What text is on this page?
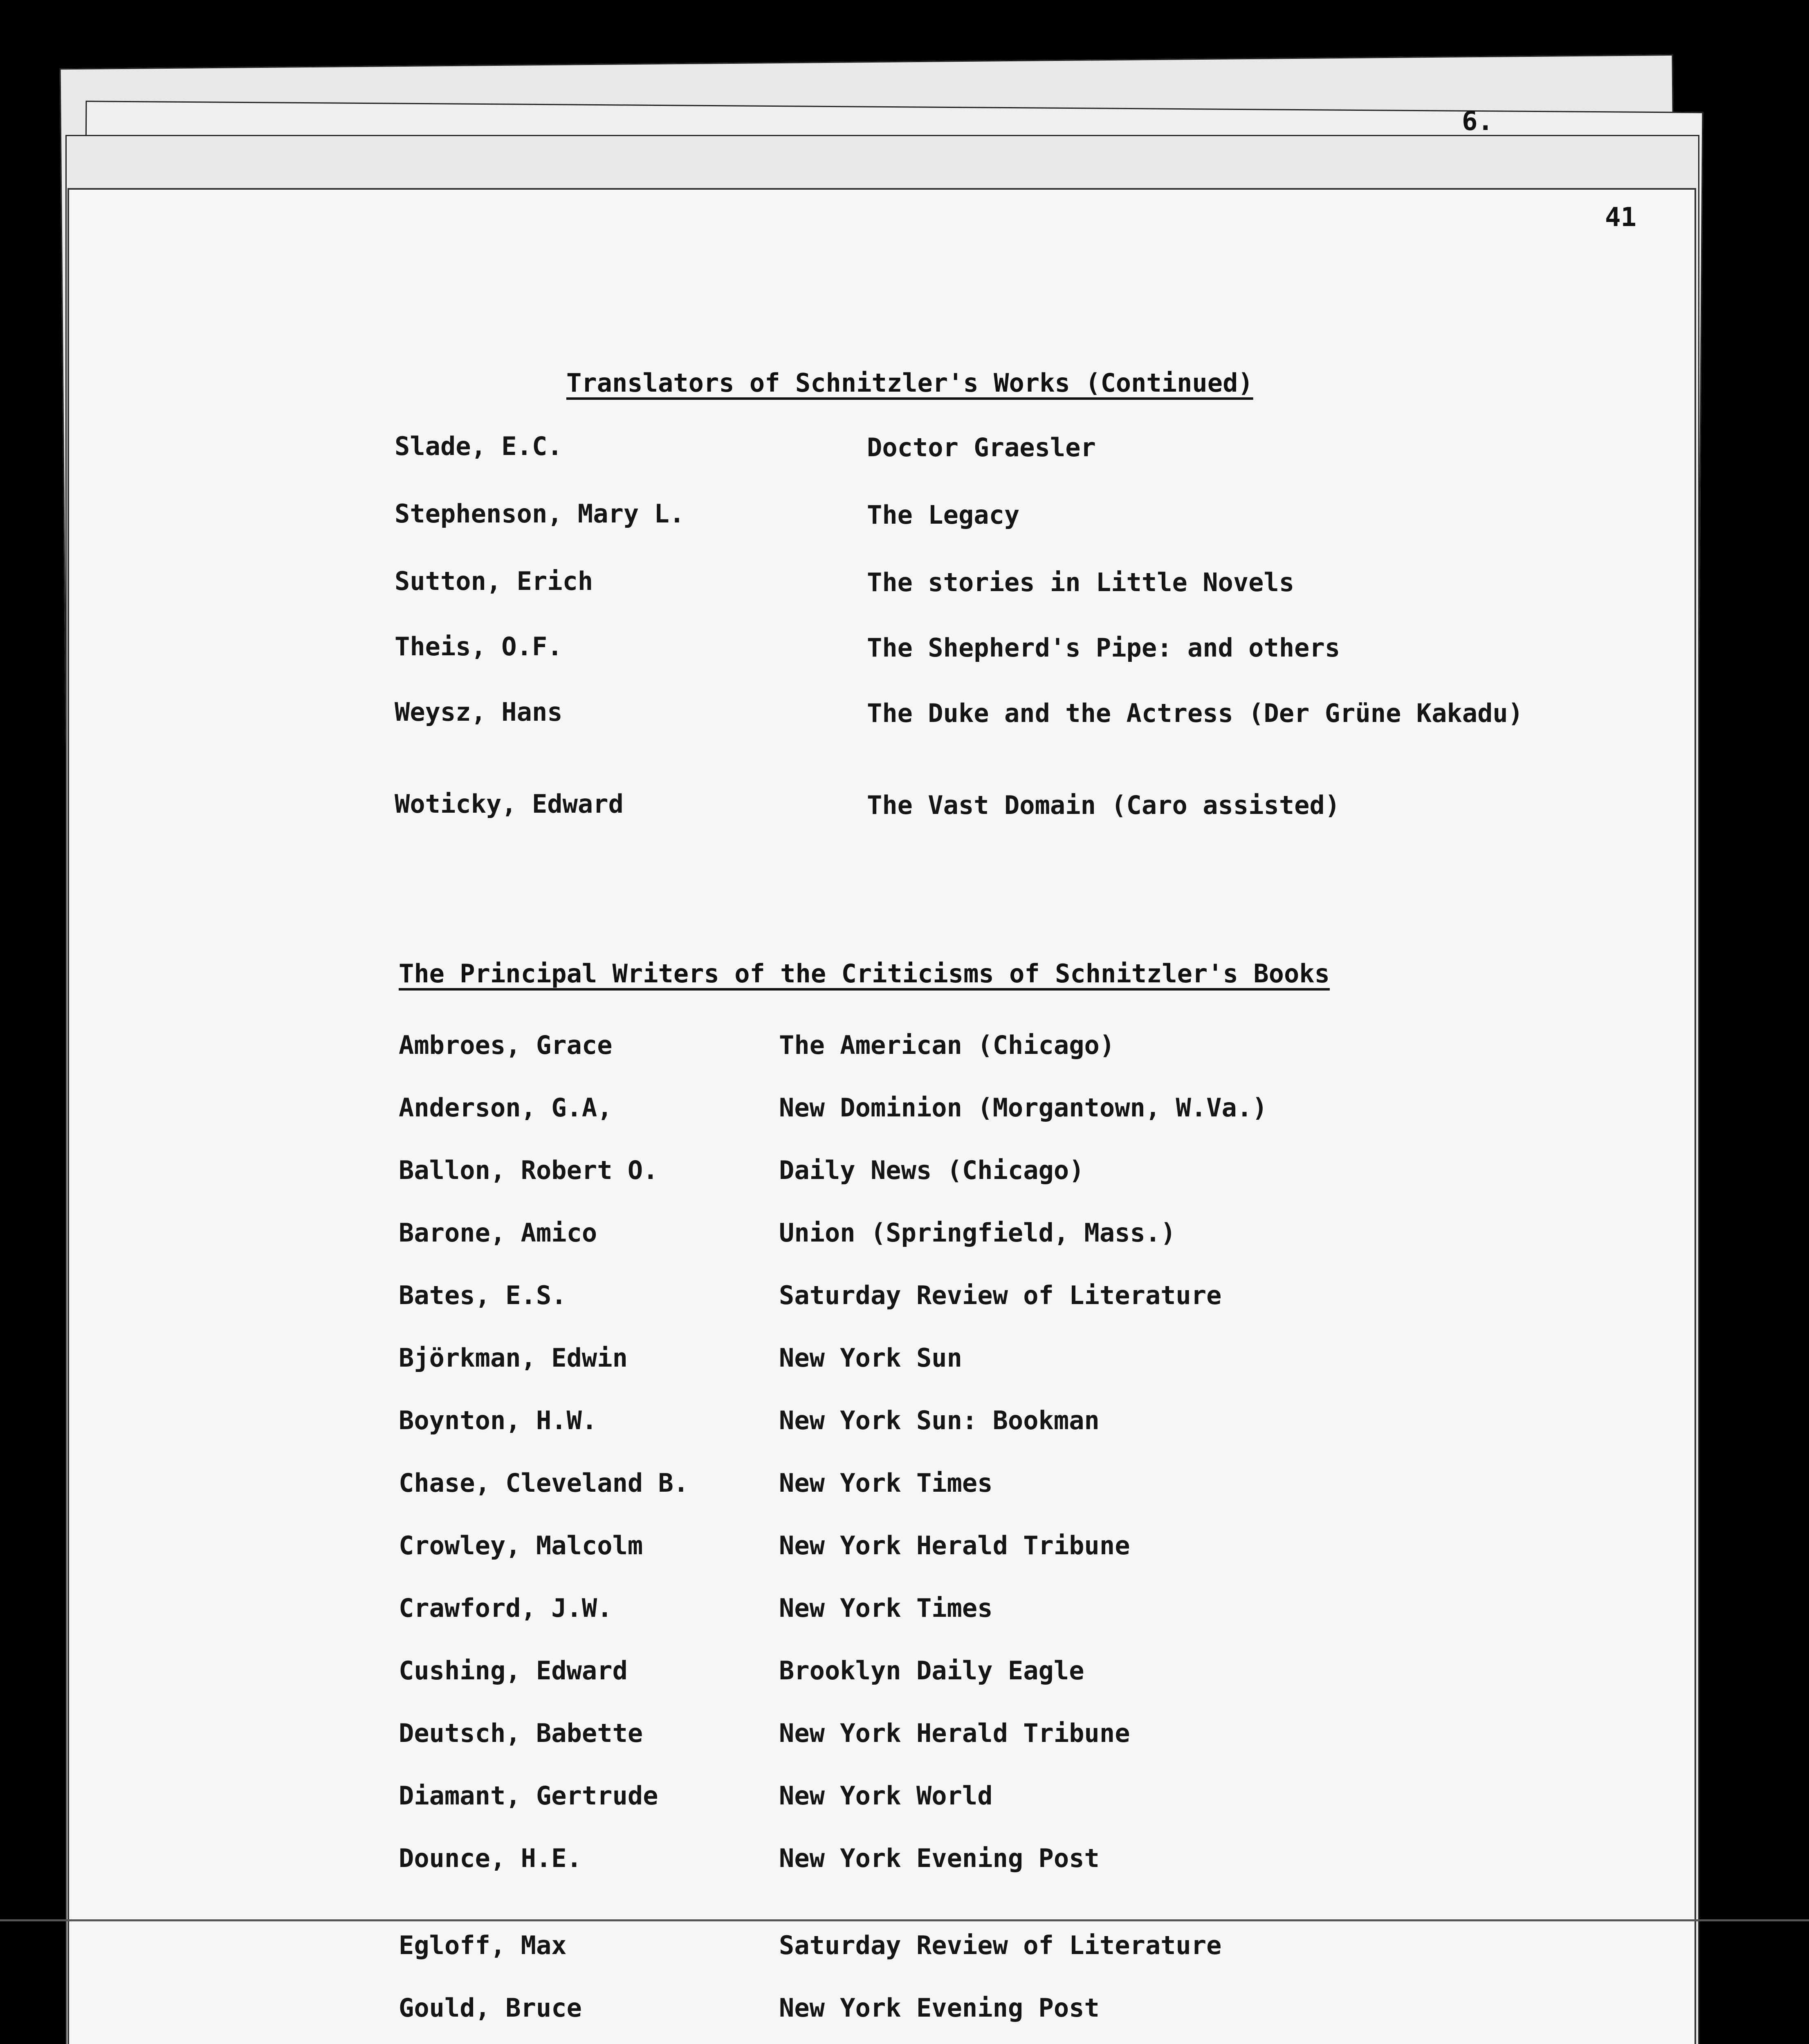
6.
41
Translators of Schnitzler's Works (Continued)
Slade, E.C.	Doctor Graesler
Stephenson, Mary L.	The Legacy
Sutton, Erich	The stories in Little Novels
Theis, O.F.	The Shepherd's Pipe: and others
Weysz, Hans	The Duke and the Actress (Der Grüne Kakadu)
Woticky, Edward	The Vast Domain (Caro assisted)
The Principal Writers of the Criticisms of Schnitzler's Books
Ambroes, Grace	The American (Chicago)
Anderson, G.A,	New Dominion (Morgantown, W.Va.)
Ballon, Robert O.	Daily News (Chicago)
Barone, Amico	Union (Springfield, Mass.)
Bates, E.S.	Saturday Review of Literature
Björkman, Edwin	New York Sun
Boynton, H.W.	New York Sun: Bookman
Chase, Cleveland B.	New York Times
Crowley, Malcolm	New York Herald Tribune
Crawford, J.W.	New York Times
Cushing, Edward	Brooklyn Daily Eagle
Deutsch, Babette	New York Herald Tribune
Diamant, Gertrude	New York World
Dounce, H.E.	New York Evening Post
Egloff, Max	Saturday Review of Literature
Gould, Bruce	New York Evening Post
